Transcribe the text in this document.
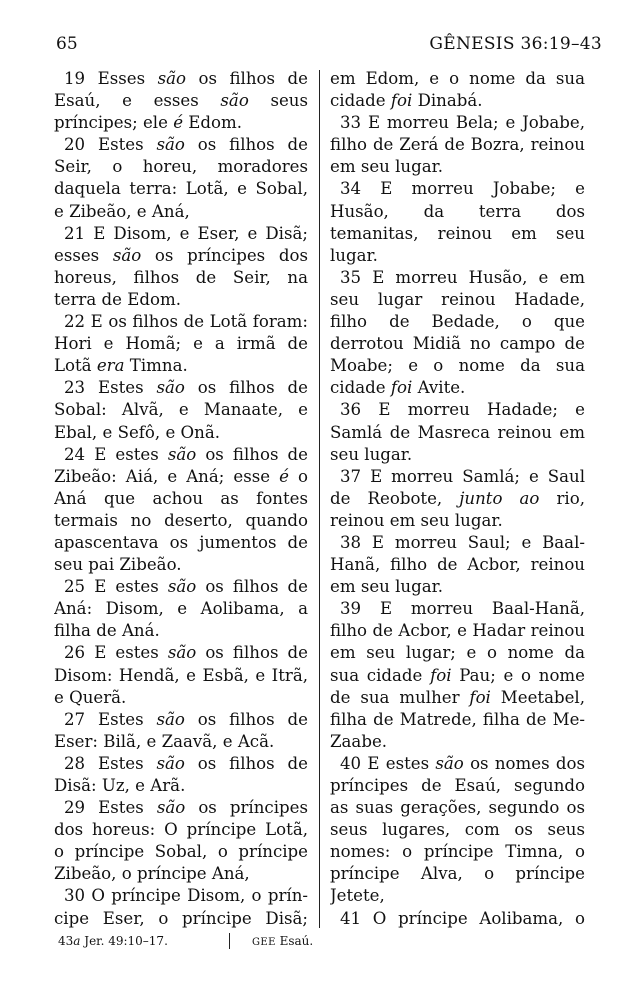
65	GÊNESIS 36:19–43

19 Esses são os filhos de Esaú, e esses são seus príncipes; ele é Edom.

20 Estes são os filhos de Seir, o horeu, moradores daquela terra: Lotã, e Sobal, e Zibeão, e Aná,

21 E Disom, e Eser, e Disã; esses são os príncipes dos horeus, filhos de Seir, na terra de Edom.

22 E os filhos de Lotã foram: Hori e Homã; e a irmã de Lotã era Timna.

23 Estes são os filhos de Sobal: Alvã, e Manaate, e Ebal, e Sefô, e Onã.

24 E estes são os filhos de Zibeão: Aiá, e Aná; esse é o Aná que achou as fontes termais no deserto, quando apascentava os jumentos de seu pai Zibeão.

25 E estes são os filhos de Aná: Disom, e Aolibama, a filha de Aná.

26 E estes são os filhos de Disom: Hendã, e Esbã, e Itrã, e Querã.

27 Estes são os filhos de Eser: Bilã, e Zaavã, e Acã.

28 Estes são os filhos de Disã: Uz, e Arã.

29 Estes são os príncipes dos horeus: O príncipe Lotã, o príncipe Sobal, o príncipe Zibeão, o príncipe Aná,

30 O príncipe Disom, o príncipe Eser, o príncipe Disã;

em Edom, e o nome da sua cidade foi Dinabá.

33 E morreu Bela; e Jobabe, filho de Zerá de Bozra, reinou em seu lugar.

34 E morreu Jobabe; e Husão, da terra dos temanitas, reinou em seu lugar.

35 E morreu Husão, e em seu lugar reinou Hadade, filho de Bedade, o que derrotou Midiã no campo de Moabe; e o nome da sua cidade foi Avite.

36 E morreu Hadade; e Samlá de Masreca reinou em seu lugar.

37 E morreu Samlá; e Saul de Reobote, junto ao rio, reinou em seu lugar.

38 E morreu Saul; e Baal-Hanã, filho de Acbor, reinou em seu lugar.

39 E morreu Baal-Hanã, filho de Acbor, e Hadar reinou em seu lugar; e o nome da sua cidade foi Pau; e o nome de sua mulher foi Meetabel, filha de Matrede, filha de Me-Zaabe.

40 E estes são os nomes dos príncipes de Esaú, segundo as suas gerações, segundo os seus lugares, com os seus nomes: o príncipe Timna, o príncipe Alva, o príncipe Jetete,

41 O príncipe Aolibama, o

43a Jer. 49:10–17.	GEE Esaú.
